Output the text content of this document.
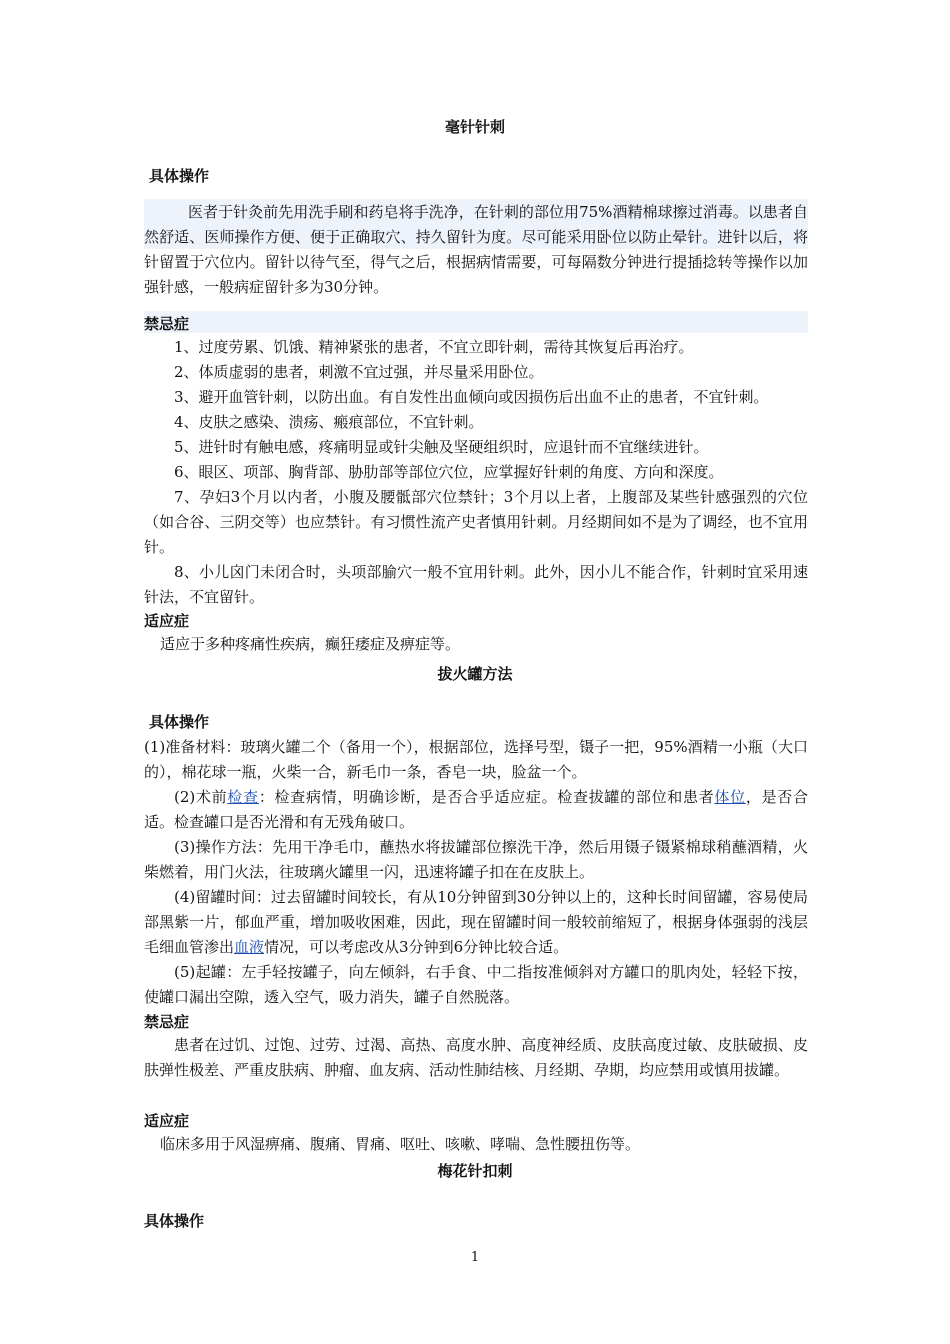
毫针针刺
具体操作
医者于针灸前先用洗手刷和药皂将手洗净，在针刺的部位用75%酒精棉球擦过消毒。以患者自然舒适、医师操作方便、便于正确取穴、持久留针为度。尽可能采用卧位以防止晕针。进针以后，将针留置于穴位内。留针以待气至，得气之后，根据病情需要，可每隔数分钟进行提插捻转等操作以加强针感，一般病症留针多为30分钟。
禁忌症
1、过度劳累、饥饿、精神紧张的患者，不宜立即针刺，需待其恢复后再治疗。
2、体质虚弱的患者，刺激不宜过强，并尽量采用卧位。
3、避开血管针刺，以防出血。有自发性出血倾向或因损伤后出血不止的患者，不宜针刺。
4、皮肤之感染、溃疡、瘢痕部位，不宜针刺。
5、进针时有触电感，疼痛明显或针尖触及坚硬组织时，应退针而不宜继续进针。
6、眼区、项部、胸背部、胁肋部等部位穴位，应掌握好针刺的角度、方向和深度。
7、孕妇3个月以内者，小腹及腰骶部穴位禁针；3个月以上者，上腹部及某些针感强烈的穴位（如合谷、三阴交等）也应禁针。有习惯性流产史者慎用针刺。月经期间如不是为了调经，也不宜用针。
8、小儿囟门未闭合时，头项部腧穴一般不宜用针刺。此外，因小儿不能合作，针刺时宜采用速针法，不宜留针。
适应症
适应于多种疼痛性疾病，癫狂痿症及痹症等。
拔火罐方法
具体操作
(1)准备材料：玻璃火罐二个（备用一个），根据部位，选择号型，镊子一把，95%酒精一小瓶（大口的），棉花球一瓶，火柴一合，新毛巾一条，香皂一块，脸盆一个。
(2)术前检查：检查病情，明确诊断，是否合乎适应症。检查拔罐的部位和患者体位，是否合适。检查罐口是否光滑和有无残角破口。
(3)操作方法：先用干净毛巾，蘸热水将拔罐部位擦洗干净，然后用镊子镊紧棉球稍蘸酒精，火柴燃着，用门火法，往玻璃火罐里一闪，迅速将罐子扣在在皮肤上。
(4)留罐时间：过去留罐时间较长，有从10分钟留到30分钟以上的，这种长时间留罐，容易使局部黑紫一片，郁血严重，增加吸收困难，因此，现在留罐时间一般较前缩短了，根据身体强弱的浅层毛细血管渗出血液情况，可以考虑改从3分钟到6分钟比较合适。
(5)起罐：左手轻按罐子，向左倾斜，右手食、中二指按准倾斜对方罐口的肌肉处，轻轻下按，使罐口漏出空隙，透入空气，吸力消失，罐子自然脱落。
禁忌症
患者在过饥、过饱、过劳、过渴、高热、高度水肿、高度神经质、皮肤高度过敏、皮肤破损、皮肤弹性极差、严重皮肤病、肿瘤、血友病、活动性肺结核、月经期、孕期，均应禁用或慎用拔罐。
适应症
临床多用于风湿痹痛、腹痛、胃痛、呕吐、咳嗽、哮喘、急性腰扭伤等。
梅花针扣刺
具体操作
1
